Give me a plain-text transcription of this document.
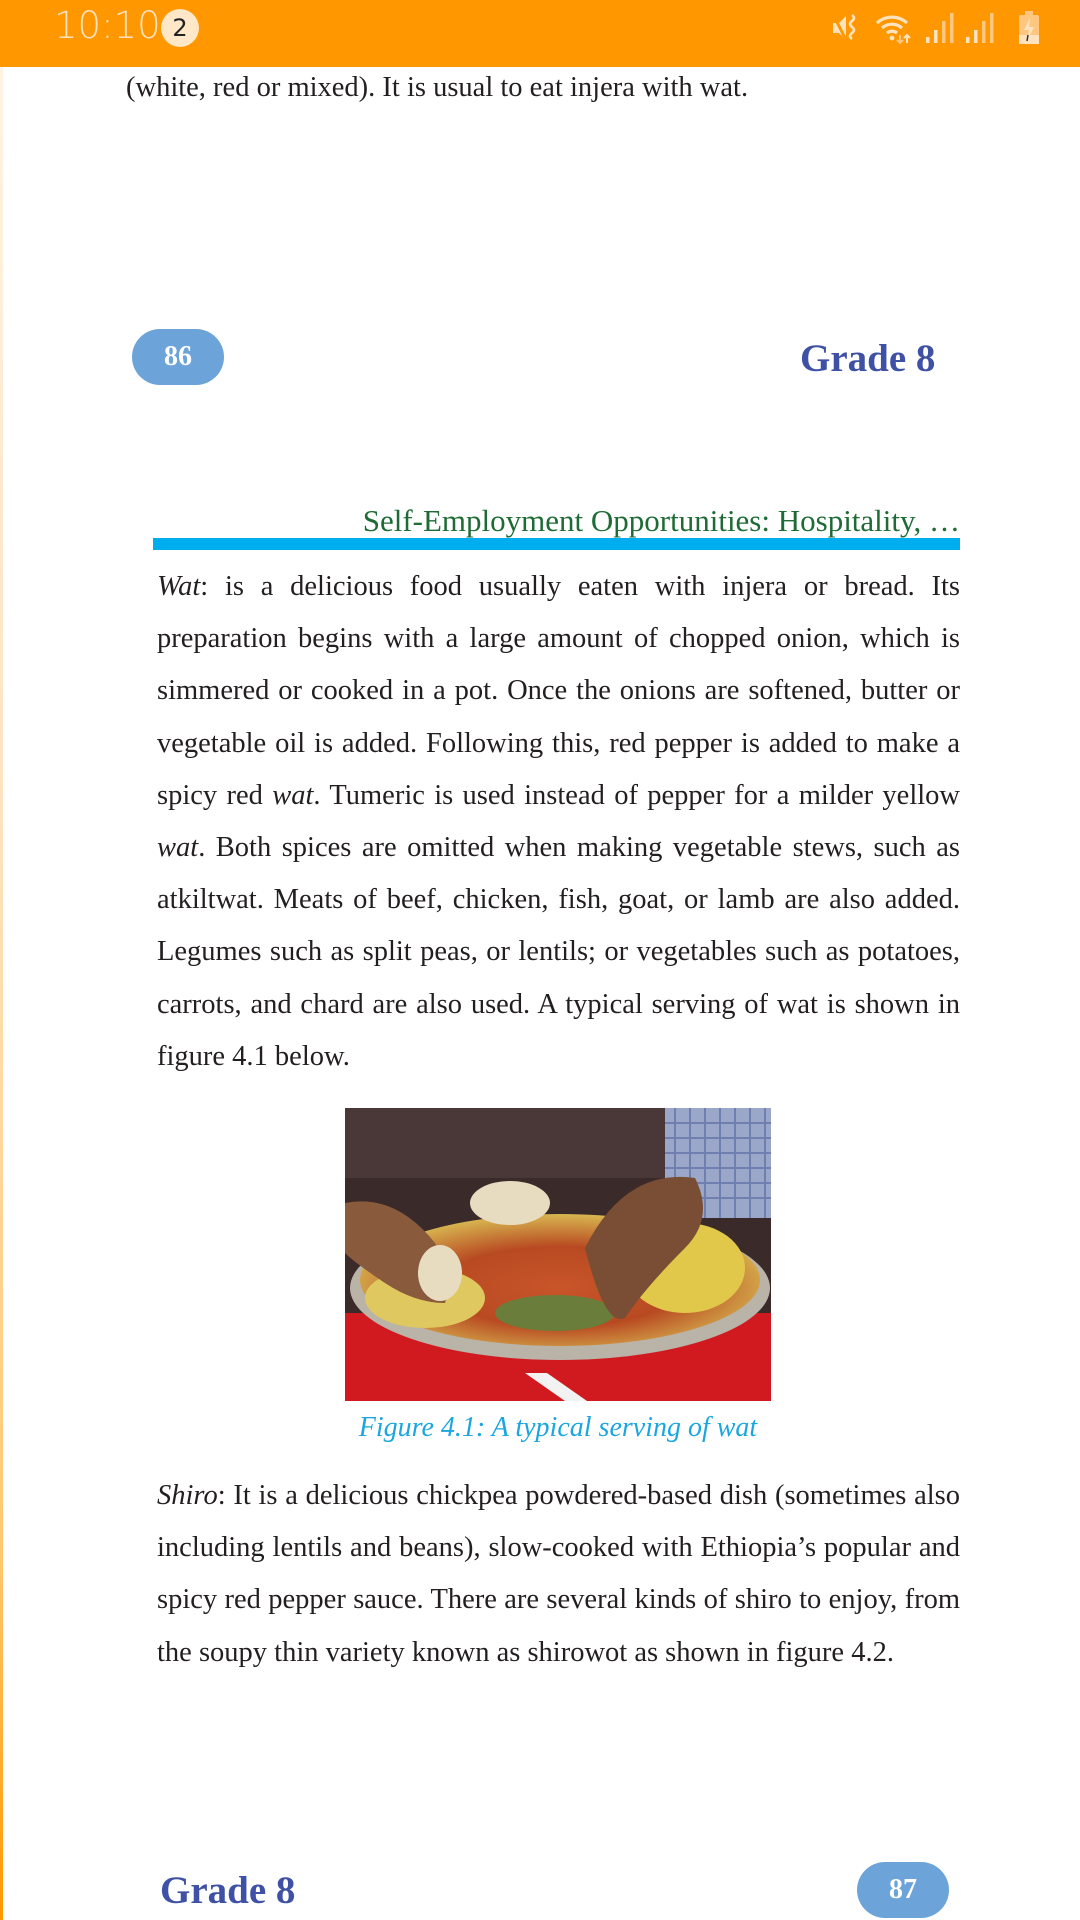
10:10 2
(white, red or mixed). It is usual to eat injera with wat.
86	Grade 8
Self-Employment Opportunities: Hospitality, …

Wat: is a delicious food usually eaten with injera or bread. Its preparation begins with a large amount of chopped onion, which is simmered or cooked in a pot. Once the onions are softened, butter or vegetable oil is added. Following this, red pepper is added to make a spicy red wat. Tumeric is used instead of pepper for a milder yellow wat. Both spices are omitted when making vegetable stews, such as atkiltwat. Meats of beef, chicken, fish, goat, or lamb are also added. Legumes such as split peas, or lentils; or vegetables such as potatoes, carrots, and chard are also used. A typical serving of wat is shown in figure 4.1 below.

Figure 4.1: A typical serving of wat

Shiro: It is a delicious chickpea powdered-based dish (sometimes also including lentils and beans), slow-cooked with Ethiopia’s popular and spicy red pepper sauce. There are several kinds of shiro to enjoy, from the soupy thin variety known as shirowot as shown in figure 4.2.

Grade 8	87
